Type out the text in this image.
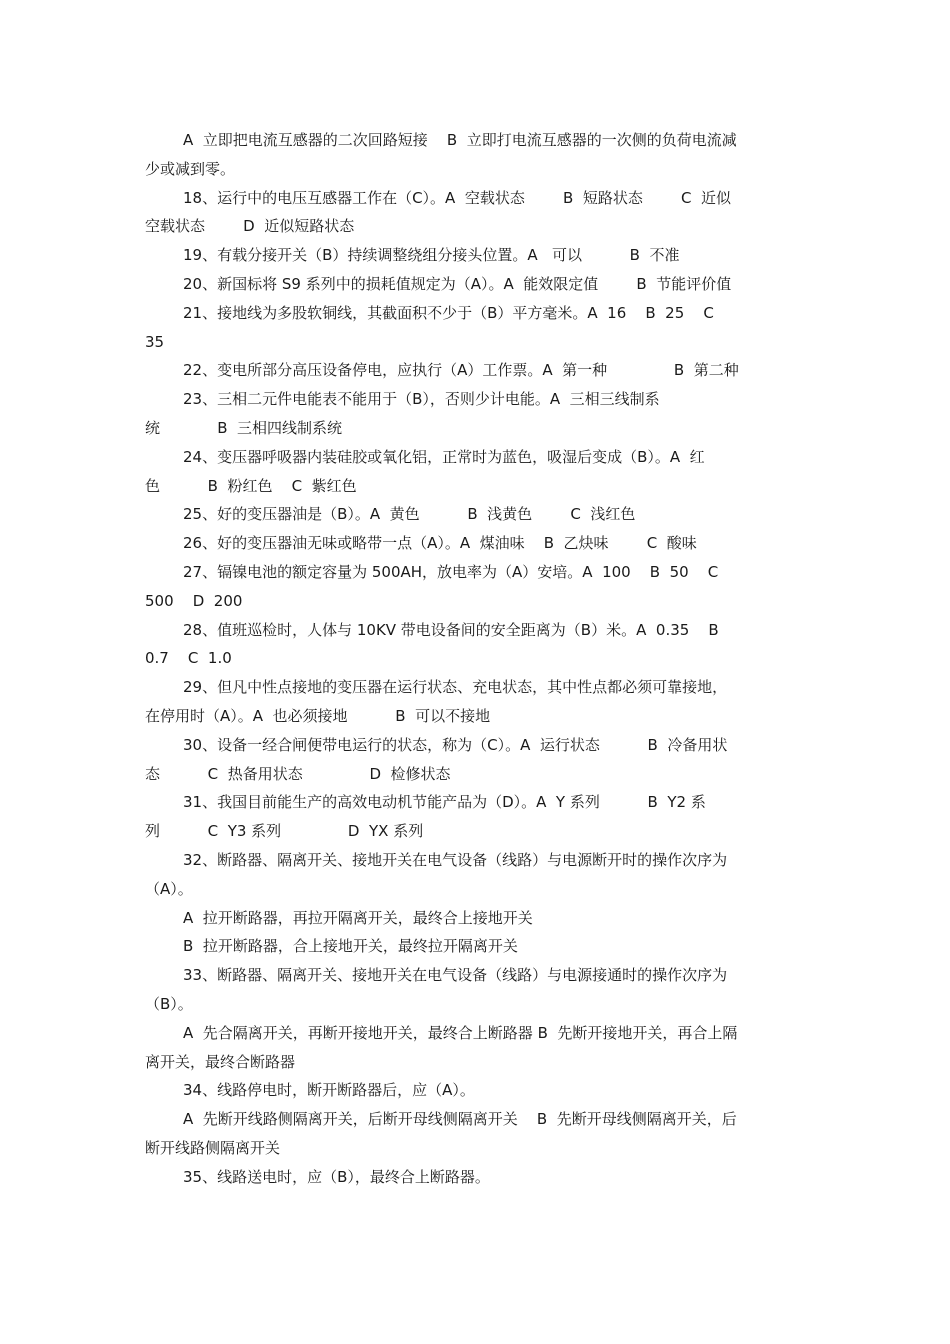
A  立即把电流互感器的二次回路短接    B  立即打电流互感器的一次侧的负荷电流减
少或减到零。
18、运行中的电压互感器工作在（C）。A  空载状态        B  短路状态        C  近似
空载状态        D  近似短路状态
19、有载分接开关（B）持续调整绕组分接头位置。A   可以          B  不准
20、新国标将 S9 系列中的损耗值规定为（A）。A  能效限定值        B  节能评价值
21、接地线为多股软铜线，其截面积不少于（B）平方毫米。A  16    B  25    C
35
22、变电所部分高压设备停电，应执行（A）工作票。A  第一种              B  第二种
23、三相二元件电能表不能用于（B），否则少计电能。A  三相三线制系
统            B  三相四线制系统
24、变压器呼吸器内装硅胶或氧化铝，正常时为蓝色，吸湿后变成（B）。A  红
色          B  粉红色    C  紫红色
25、好的变压器油是（B）。A  黄色          B  浅黄色        C  浅红色
26、好的变压器油无味或略带一点（A）。A  煤油味    B  乙炔味        C  酸味
27、镉镍电池的额定容量为 500AH，放电率为（A）安培。A  100    B  50    C
500    D  200
28、值班巡检时，人体与 10KV 带电设备间的安全距离为（B）米。A  0.35    B
0.7    C  1.0
29、但凡中性点接地的变压器在运行状态、充电状态，其中性点都必须可靠接地，
在停用时（A）。A  也必须接地          B  可以不接地
30、设备一经合闸便带电运行的状态，称为（C）。A  运行状态          B  冷备用状
态          C  热备用状态              D  检修状态
31、我国目前能生产的高效电动机节能产品为（D）。A  Y 系列          B  Y2 系
列          C  Y3 系列              D  YX 系列
32、断路器、隔离开关、接地开关在电气设备（线路）与电源断开时的操作次序为
（A）。
A  拉开断路器，再拉开隔离开关，最终合上接地开关
B  拉开断路器，合上接地开关，最终拉开隔离开关
33、断路器、隔离开关、接地开关在电气设备（线路）与电源接通时的操作次序为
（B）。
A  先合隔离开关，再断开接地开关，最终合上断路器 B  先断开接地开关，再合上隔
离开关，最终合断路器
34、线路停电时，断开断路器后，应（A）。
A  先断开线路侧隔离开关，后断开母线侧隔离开关    B  先断开母线侧隔离开关，后
断开线路侧隔离开关
35、线路送电时，应（B），最终合上断路器。
